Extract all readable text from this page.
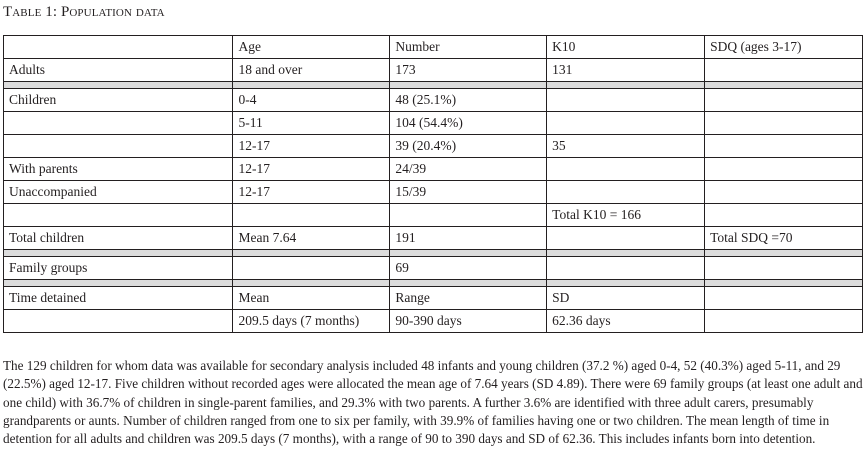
Table 1: Population data
	Age	Number	K10	SDQ (ages 3-17)
Adults	18 and over	173	131	

Children	0-4	48 (25.1%)		
	5-11	104 (54.4%)		
	12-17	39 (20.4%)	35	
With parents	12-17	24/39		
Unaccompanied	12-17	15/39		
			Total K10 = 166	
Total children	Mean 7.64	191		Total SDQ =70

Family groups		69		

Time detained	Mean	Range	SD	
	209.5 days (7 months)	90-390 days	62.36 days	

The 129 children for whom data was available for secondary analysis included 48 infants and young children (37.2 %) aged 0-4, 52 (40.3%) aged 5-11, and 29 (22.5%) aged 12-17. Five children without recorded ages were allocated the mean age of 7.64 years (SD 4.89). There were 69 family groups (at least one adult and one child) with 36.7% of children in single-parent families, and 29.3% with two parents. A further 3.6% are identified with three adult carers, presumably grandparents or aunts. Number of children ranged from one to six per family, with 39.9% of families having one or two children. The mean length of time in detention for all adults and children was 209.5 days (7 months), with a range of 90 to 390 days and SD of 62.36. This includes infants born into detention.
